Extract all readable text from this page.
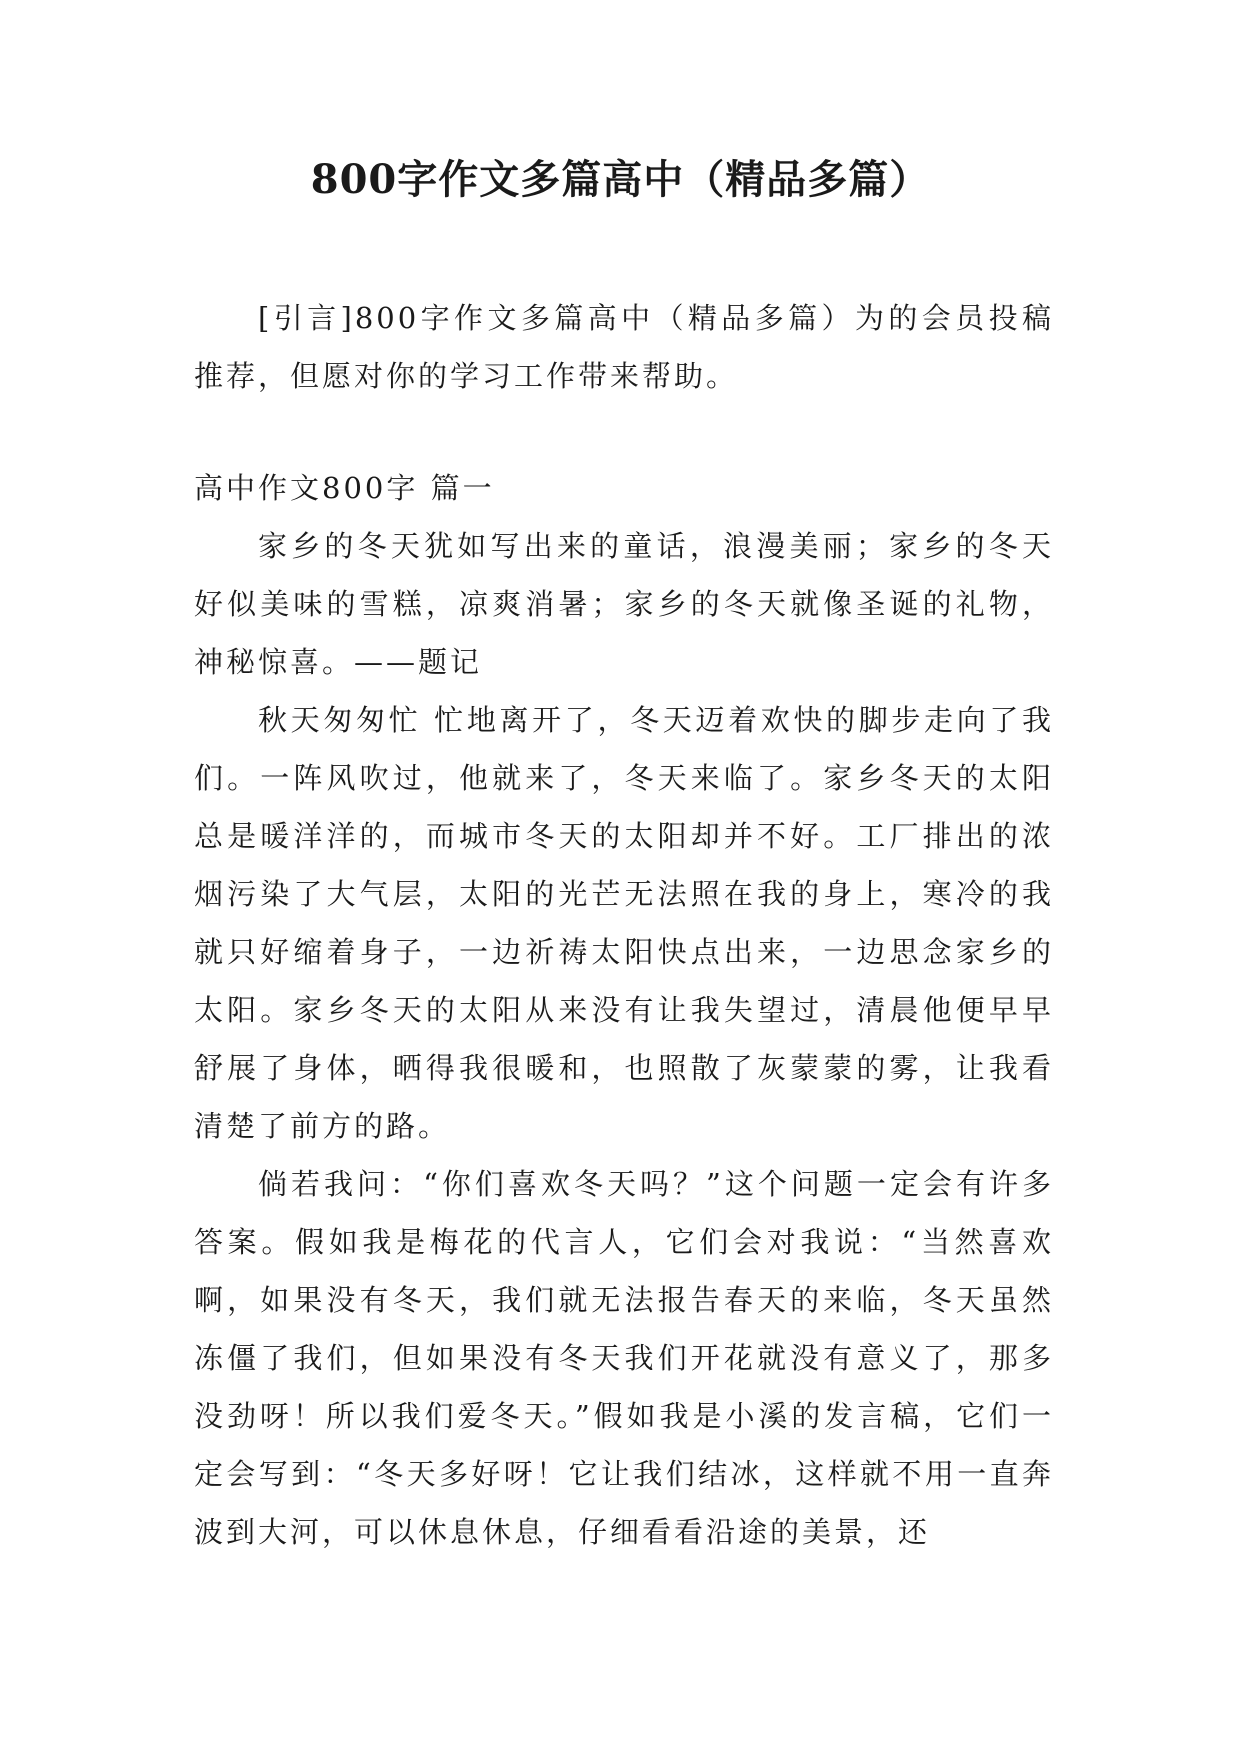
800字作文多篇高中（精品多篇）

[引言]800字作文多篇高中（精品多篇）为的会员投稿推荐，但愿对你的学习工作带来帮助。

高中作文800字 篇一

家乡的冬天犹如写出来的童话，浪漫美丽；家乡的冬天好似美味的雪糕，凉爽消暑；家乡的冬天就像圣诞的礼物，神秘惊喜。——题记

秋天匆匆忙 忙地离开了，冬天迈着欢快的脚步走向了我们。一阵风吹过，他就来了，冬天来临了。家乡冬天的太阳总是暖洋洋的，而城市冬天的太阳却并不好。工厂排出的浓烟污染了大气层，太阳的光芒无法照在我的身上，寒冷的我就只好缩着身子，一边祈祷太阳快点出来，一边思念家乡的太阳。家乡冬天的太阳从来没有让我失望过，清晨他便早早舒展了身体，晒得我很暖和，也照散了灰蒙蒙的雾，让我看清楚了前方的路。

倘若我问：“你们喜欢冬天吗？”这个问题一定会有许多答案。假如我是梅花的代言人，它们会对我说：“当然喜欢啊，如果没有冬天，我们就无法报告春天的来临，冬天虽然冻僵了我们，但如果没有冬天我们开花就没有意义了，那多没劲呀！所以我们爱冬天。”假如我是小溪的发言稿，它们一定会写到：“冬天多好呀！它让我们结冰，这样就不用一直奔波到大河，可以休息休息，仔细看看沿途的美景，还
